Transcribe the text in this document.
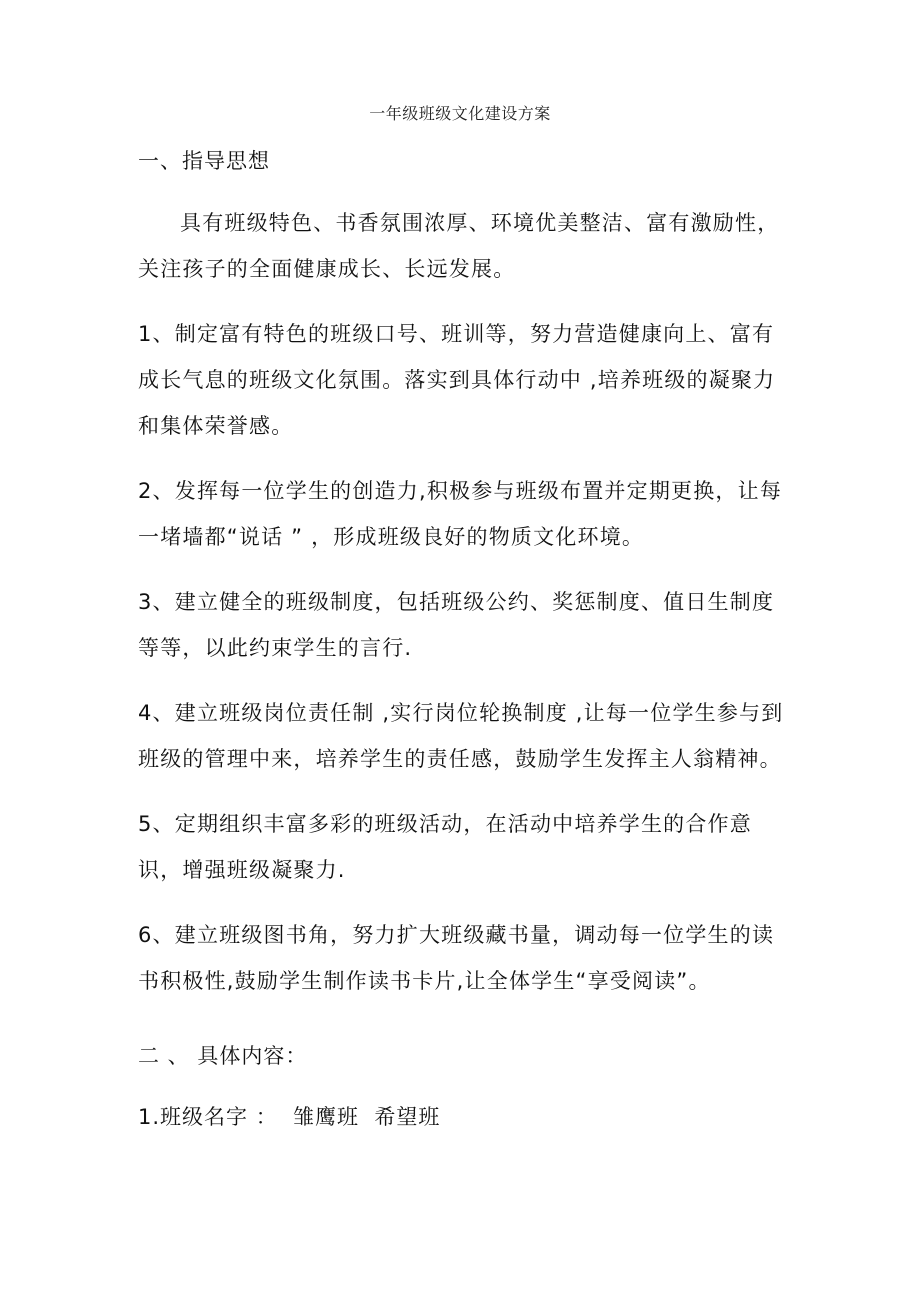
一年级班级文化建设方案
一、指导思想

具有班级特色、书香氛围浓厚、环境优美整洁、富有激励性，关注孩子的全面健康成长、长远发展。

1、制定富有特色的班级口号、班训等，努力营造健康向上、富有成长气息的班级文化氛围。落实到具体行动中 ,培养班级的凝聚力和集体荣誉感。

2、发挥每一位学生的创造力,积极参与班级布置并定期更换，让每一堵墙都“说话 ” ，形成班级良好的物质文化环境。

3、建立健全的班级制度，包括班级公约、奖惩制度、值日生制度等等，以此约束学生的言行.

4、建立班级岗位责任制 ,实行岗位轮换制度 ,让每一位学生参与到班级的管理中来，培养学生的责任感，鼓励学生发挥主人翁精神。

5、定期组织丰富多彩的班级活动，在活动中培养学生的合作意识，增强班级凝聚力.

6、建立班级图书角，努力扩大班级藏书量，调动每一位学生的读书积极性,鼓励学生制作读书卡片,让全体学生“享受阅读”。

二 、 具体内容：
1.班级名字 ：  雏鹰班  希望班
